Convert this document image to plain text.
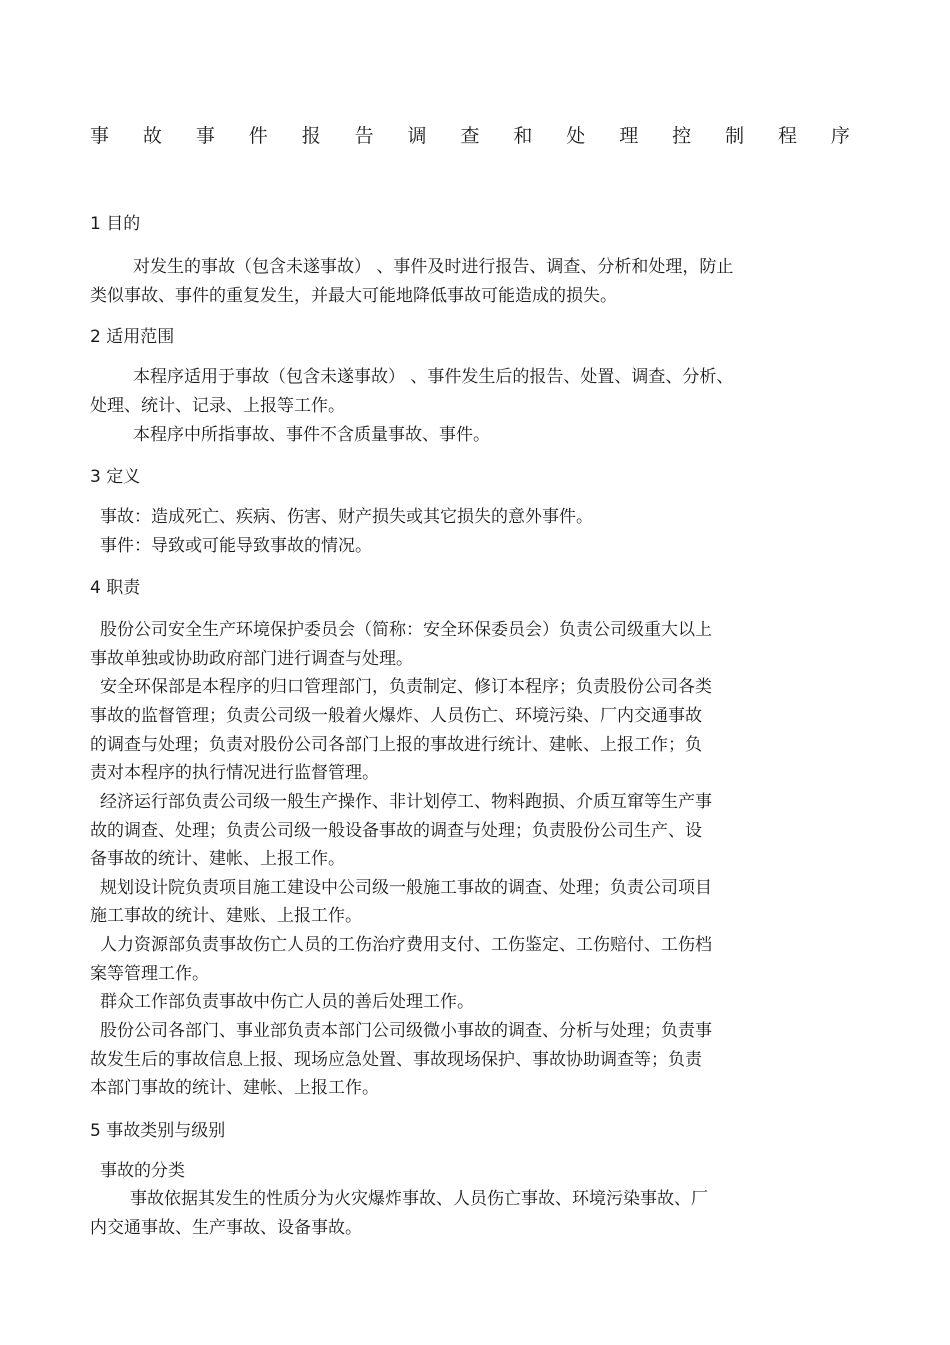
事 故 事 件 报 告 调 查 和 处 理 控 制 程 序
1 目的
对发生的事故（包含未遂事故） 、事件及时进行报告、调查、分析和处理，防止
类似事故、事件的重复发生，并最大可能地降低事故可能造成的损失。
2 适用范围
本程序适用于事故（包含未遂事故） 、事件发生后的报告、处置、调查、分析、
处理、统计、记录、上报等工作。
本程序中所指事故、事件不含质量事故、事件。
3 定义
事故：造成死亡、疾病、伤害、财产损失或其它损失的意外事件。
事件：导致或可能导致事故的情况。
4 职责
股份公司安全生产环境保护委员会（简称：安全环保委员会）负责公司级重大以上
事故单独或协助政府部门进行调查与处理。
安全环保部是本程序的归口管理部门，负责制定、修订本程序；负责股份公司各类
事故的监督管理；负责公司级一般着火爆炸、人员伤亡、环境污染、厂内交通事故
的调查与处理；负责对股份公司各部门上报的事故进行统计、建帐、上报工作；负
责对本程序的执行情况进行监督管理。
经济运行部负责公司级一般生产操作、非计划停工、物料跑损、介质互窜等生产事
故的调查、处理；负责公司级一般设备事故的调查与处理；负责股份公司生产、设
备事故的统计、建帐、上报工作。
规划设计院负责项目施工建设中公司级一般施工事故的调查、处理；负责公司项目
施工事故的统计、建账、上报工作。
人力资源部负责事故伤亡人员的工伤治疗费用支付、工伤鉴定、工伤赔付、工伤档
案等管理工作。
群众工作部负责事故中伤亡人员的善后处理工作。
股份公司各部门、事业部负责本部门公司级微小事故的调查、分析与处理；负责事
故发生后的事故信息上报、现场应急处置、事故现场保护、事故协助调查等；负责
本部门事故的统计、建帐、上报工作。
5 事故类别与级别
事故的分类
事故依据其发生的性质分为火灾爆炸事故、人员伤亡事故、环境污染事故、厂
内交通事故、生产事故、设备事故。
